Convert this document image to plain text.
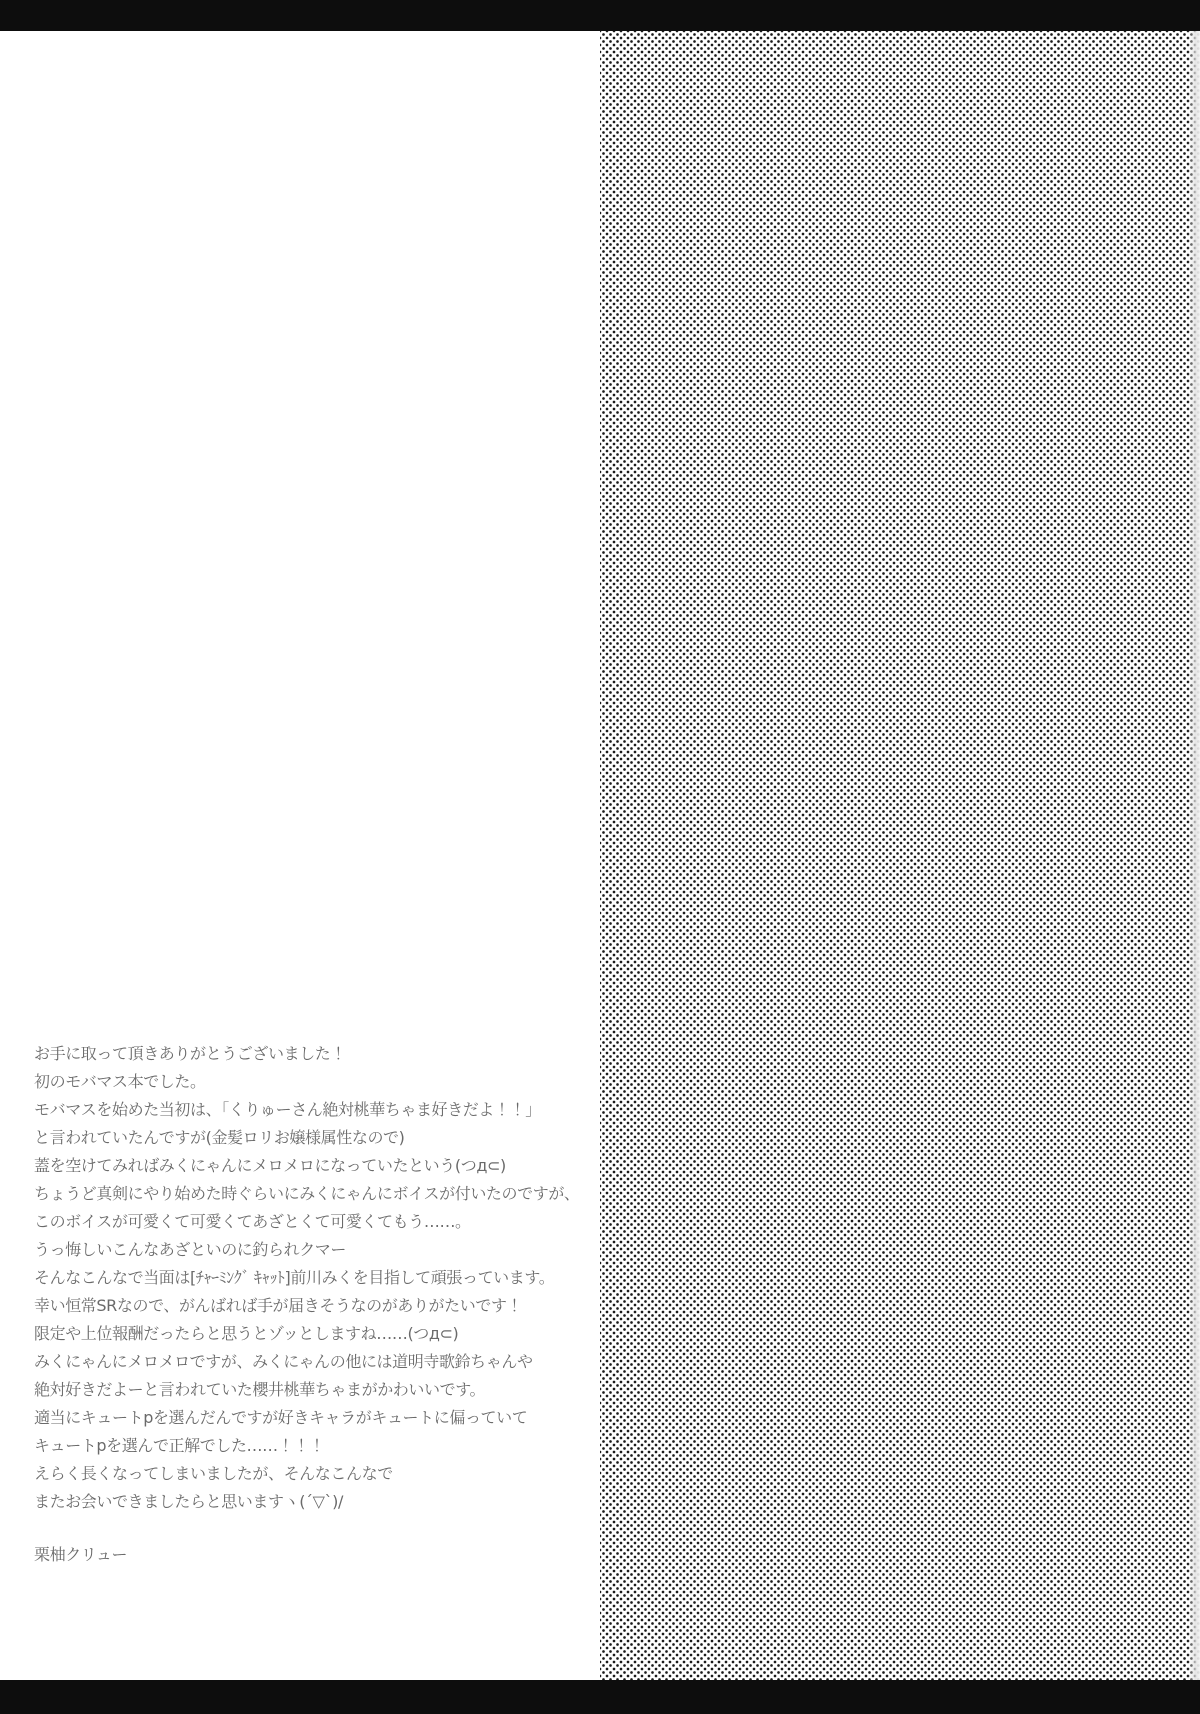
お手に取って頂きありがとうございました！
初のモバマス本でした。
モバマスを始めた当初は、「くりゅーさん絶対桃華ちゃま好きだよ！！」
と言われていたんですが(金髪ロリお嬢様属性なので)
蓋を空けてみればみくにゃんにメロメロになっていたという(つд⊂)
ちょうど真剣にやり始めた時ぐらいにみくにゃんにボイスが付いたのですが、
このボイスが可愛くて可愛くてあざとくて可愛くてもう……。
うっ悔しいこんなあざといのに釣られクマー
そんなこんなで当面は[ﾁｬｰﾐﾝｸﾞ ｷｬｯﾄ]前川みくを目指して頑張っています。
幸い恒常SRなので、がんばれば手が届きそうなのがありがたいです！
限定や上位報酬だったらと思うとゾッとしますね……(つд⊂)
みくにゃんにメロメロですが、みくにゃんの他には道明寺歌鈴ちゃんや
絶対好きだよーと言われていた櫻井桃華ちゃまがかわいいです。
適当にキュートpを選んだんですが好きキャラがキュートに偏っていて
キュートpを選んで正解でした……！！！
えらく長くなってしまいましたが、そんなこんなで
またお会いできましたらと思いますヽ(´▽`)/
栗柚クリュー
